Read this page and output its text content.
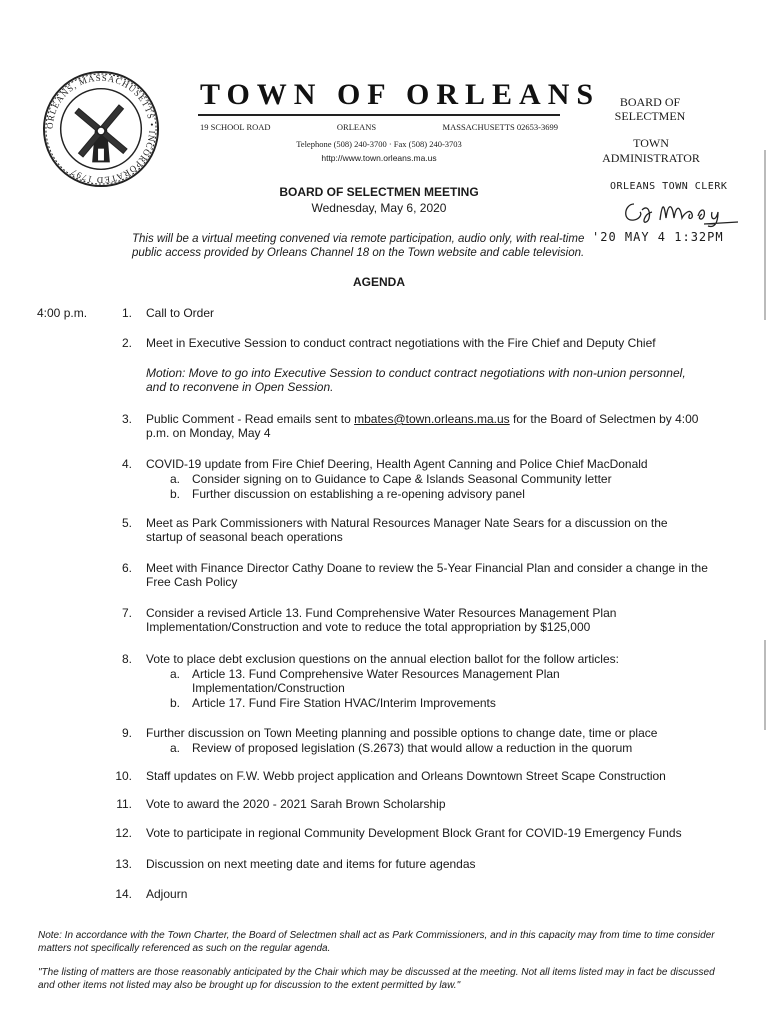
ORLEANS, MASSACHUSETTS • INCORPORATED 1797
TOWN OF ORLEANS
19 SCHOOL ROAD	ORLEANS	MASSACHUSETTS 02653-3699
Telephone (508) 240-3700 · Fax (508) 240-3703
http://www.town.orleans.ma.us
BOARD OF
SELECTMEN
TOWN
ADMINISTRATOR
BOARD OF SELECTMEN MEETING
Wednesday, May 6, 2020
ORLEANS TOWN CLERK
'20 MAY 4 1:32PM
This will be a virtual meeting convened via remote participation, audio only, with real-time public access provided by Orleans Channel 18 on the Town website and cable television.
AGENDA
4:00 p.m.	1. Call to Order
2. Meet in Executive Session to conduct contract negotiations with the Fire Chief and Deputy Chief
Motion: Move to go into Executive Session to conduct contract negotiations with non-union personnel, and to reconvene in Open Session.
3. Public Comment - Read emails sent to mbates@town.orleans.ma.us for the Board of Selectmen by 4:00 p.m. on Monday, May 4
4. COVID-19 update from Fire Chief Deering, Health Agent Canning and Police Chief MacDonald
a.	Consider signing on to Guidance to Cape & Islands Seasonal Community letter
b.	Further discussion on establishing a re-opening advisory panel
5. Meet as Park Commissioners with Natural Resources Manager Nate Sears for a discussion on the startup of seasonal beach operations
6. Meet with Finance Director Cathy Doane to review the 5-Year Financial Plan and consider a change in the Free Cash Policy
7. Consider a revised Article 13. Fund Comprehensive Water Resources Management Plan Implementation/Construction and vote to reduce the total appropriation by $125,000
8. Vote to place debt exclusion questions on the annual election ballot for the follow articles:
a.	Article 13. Fund Comprehensive Water Resources Management Plan Implementation/Construction
b.	Article 17. Fund Fire Station HVAC/Interim Improvements
9. Further discussion on Town Meeting planning and possible options to change date, time or place
a.	Review of proposed legislation (S.2673) that would allow a reduction in the quorum
10. Staff updates on F.W. Webb project application and Orleans Downtown Street Scape Construction
11. Vote to award the 2020 - 2021 Sarah Brown Scholarship
12. Vote to participate in regional Community Development Block Grant for COVID-19 Emergency Funds
13. Discussion on next meeting date and items for future agendas
14. Adjourn
Note: In accordance with the Town Charter, the Board of Selectmen shall act as Park Commissioners, and in this capacity may from time to time consider matters not specifically referenced as such on the regular agenda.
"The listing of matters are those reasonably anticipated by the Chair which may be discussed at the meeting. Not all items listed may in fact be discussed and other items not listed may also be brought up for discussion to the extent permitted by law."
